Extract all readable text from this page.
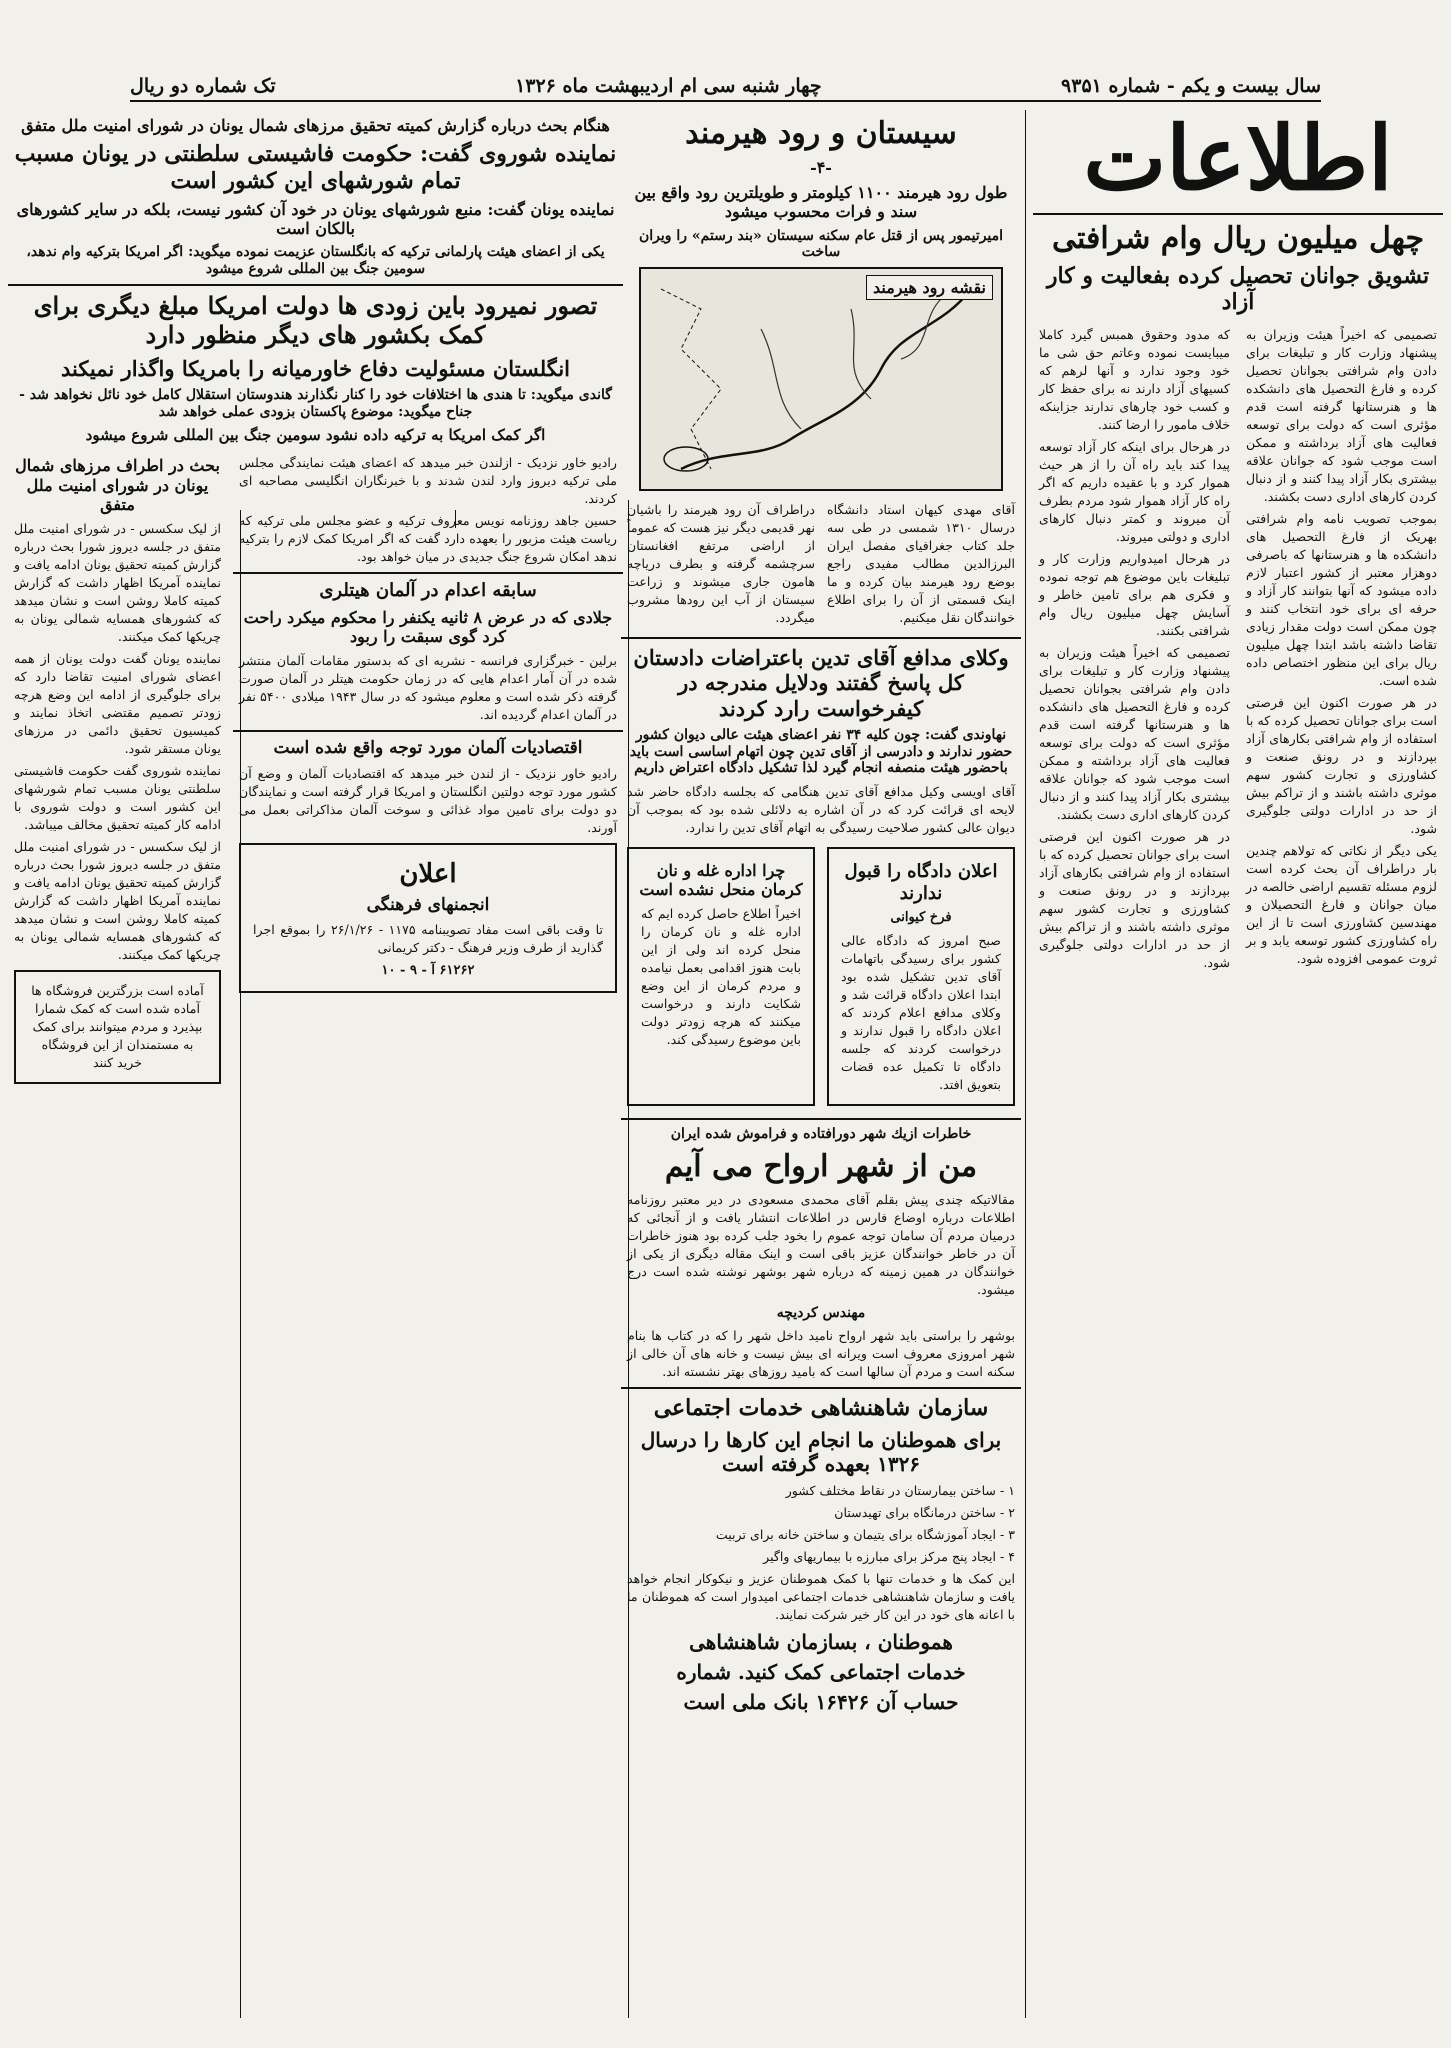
سال بیست و یکم - شماره ۹۳۵۱
چهار شنبه سی ام اردیبهشت ماه ۱۳۲۶
تک شماره دو ریال
اطلاعات
چهل میلیون ریال وام شرافتی
تشویق جوانان تحصیل کرده بفعالیت و کار آزاد

تصمیمی که اخیراً هیئت وزیران به پیشنهاد وزارت کار و تبلیغات برای دادن وام شرافتی بجوانان تحصیل کرده و فارغ التحصیل های دانشکده ها و هنرستانها گرفته است قدم مؤثری است که دولت برای توسعه فعالیت های آزاد برداشته و ممکن است موجب شود که جوانان علاقه بیشتری بکار آزاد پیدا کنند و از دنبال کردن کارهای اداری دست بکشند.

بموجب تصویب نامه وام شرافتی بهریک از فارغ التحصیل های دانشکده ها و هنرستانها که باصرفی دوهزار معتبر از کشور اعتبار لازم داده میشود که آنها بتوانند کار آزاد و حرفه ای برای خود انتخاب کنند و چون ممکن است دولت مقدار زیادی تقاضا داشته باشد ابتدا چهل میلیون ریال برای این منظور اختصاص داده شده است.

در هر صورت اکنون این فرصتی است برای جوانان تحصیل کرده که با استفاده از وام شرافتی بکارهای آزاد بپردازند و در رونق صنعت و کشاورزی و تجارت کشور سهم موثری داشته باشند و از تراکم بیش از حد در ادارات دولتی جلوگیری شود.

یکی دیگر از نکاتی که تولاهم چندین بار دراطراف آن بحث کرده است لزوم مسئله تقسیم اراضی خالصه در میان جوانان و فارغ التحصیلان و مهندسین کشاورزی است تا از این راه کشاورزی کشور توسعه یابد و بر ثروت عمومی افزوده شود.

که مدود وحقوق همبس گیرد کاملا میبایست نموده وعاتم حق شی ما خود وجود ندارد و آنها لرهم که کسیهای آزاد دارند نه برای حفظ کار و کسب خود چارهای ندارند جزاینکه خلاف مامور را ارضا کنند.

در هرحال برای اینکه کار آزاد توسعه پیدا کند باید راه آن را از هر حیث هموار کرد و با عقیده داریم که اگر راه کار آزاد هموار شود مردم بطرف آن میروند و کمتر دنبال کارهای اداری و دولتی میروند.

در هرحال امیدواریم وزارت کار و تبلیغات باین موضوع هم توجه نموده و فکری هم برای تامین خاطر و آسایش چهل میلیون ریال وام شرافتی بکنند.

تصمیمی که اخیراً هیئت وزیران به پیشنهاد وزارت کار و تبلیغات برای دادن وام شرافتی بجوانان تحصیل کرده و فارغ التحصیل های دانشکده ها و هنرستانها گرفته است قدم مؤثری است که دولت برای توسعه فعالیت های آزاد برداشته و ممکن است موجب شود که جوانان علاقه بیشتری بکار آزاد پیدا کنند و از دنبال کردن کارهای اداری دست بکشند.

در هر صورت اکنون این فرصتی است برای جوانان تحصیل کرده که با استفاده از وام شرافتی بکارهای آزاد بپردازند و در رونق صنعت و کشاورزی و تجارت کشور سهم موثری داشته باشند و از تراکم بیش از حد در ادارات دولتی جلوگیری شود.

سیستان و رود هیرمند
-۴-
طول رود هیرمند ۱۱۰۰ کیلومتر و طویلترین رود واقع بین سند و فرات محسوب میشود
امیرتیمور پس از قتل عام سکنه سیستان «بند رستم» را ویران ساخت
نقشه رود هیرمند

آقای مهدی کیهان استاد دانشگاه درسال ۱۳۱۰ شمسی در طی سه جلد کتاب جغرافیای مفصل ایران البرزالدین مطالب مفیدی راجع بوضع رود هیرمند بیان کرده و ما اینک قسمتی از آن را برای اطلاع خوانندگان نقل میکنیم.

دراطراف آن رود هیرمند را باشیان نهر قدیمی دیگر نیز هست که عموماً از اراضی مرتفع افغانستان سرچشمه گرفته و بطرف دریاچه هامون جاری میشوند و زراعت سیستان از آب این رودها مشروب میگردد.

وکلای مدافع آقای تدین باعتراضات دادستان کل پاسخ گفتند ودلایل مندرجه در کیفرخواست رارد کردند
نهاوندی گفت: چون کلیه ۳۴ نفر اعضای هیئت عالی دیوان کشور حضور ندارند و دادرسی از آقای تدین چون اتهام اساسی است باید باحضور هیئت منصفه انجام گیرد لذا تشکیل دادگاه اعتراض داریم

آقای اویسی وکیل مدافع آقای تدین هنگامی که بجلسه دادگاه حاضر شد لایحه ای قرائت کرد که در آن اشاره به دلائلی شده بود که بموجب آن دیوان عالی کشور صلاحیت رسیدگی به اتهام آقای تدین را ندارد.

اعلان دادگاه را قبول ندارند
فرخ کیوانی

صبح امروز که دادگاه عالی کشور برای رسیدگی باتهامات آقای تدین تشکیل شده بود ابتدا اعلان دادگاه قرائت شد و وکلای مدافع اعلام کردند که اعلان دادگاه را قبول ندارند و درخواست کردند که جلسه دادگاه تا تکمیل عده قضات بتعویق افتد.

چرا اداره غله و نان کرمان منحل نشده است

اخیراً اطلاع حاصل کرده ایم که اداره غله و نان کرمان را منحل کرده اند ولی از این بابت هنوز اقدامی بعمل نیامده و مردم کرمان از این وضع شکایت دارند و درخواست میکنند که هرچه زودتر دولت باین موضوع رسیدگی کند.

خاطرات ازیك شهر دورافتاده و فراموش شده ایران
من از شهر ارواح می آیم

مقالاتیکه چندی پیش بقلم آقای محمدی مسعودی در دیر معتبر روزنامه اطلاعات درباره اوضاع فارس در اطلاعات انتشار یافت و از آنجائی که درمیان مردم آن سامان توجه عموم را بخود جلب کرده بود هنوز خاطرات آن در خاطر خوانندگان عزیز باقی است و اینک مقاله دیگری از یکی از خوانندگان در همین زمینه که درباره شهر بوشهر نوشته شده است درج میشود.

مهندس کردیچه

بوشهر را براستی باید شهر ارواح نامید داخل شهر را که در کتاب ها بنام شهر امروزی معروف است ویرانه ای بیش نیست و خانه های آن خالی از سکنه است و مردم آن سالها است که بامید روزهای بهتر نشسته اند.

سازمان شاهنشاهی خدمات اجتماعی
برای هموطنان ما انجام این کارها را درسال ۱۳۲۶ بعهده گرفته است

۱ - ساختن بیمارستان در نقاط مختلف کشور

۲ - ساختن درمانگاه برای تهیدستان

۳ - ایجاد آموزشگاه برای یتیمان و ساختن خانه برای تربیت

۴ - ایجاد پنج مرکز برای مبارزه با بیماریهای واگیر

این کمک ها و خدمات تنها با کمک هموطنان عزیز و نیکوکار انجام خواهد یافت و سازمان شاهنشاهی خدمات اجتماعی امیدوار است که هموطنان ما با اعانه های خود در این کار خیر شرکت نمایند.

هموطنان ، بسازمان شاهنشاهی
خدمات اجتماعی کمک کنید. شماره
حساب آن ۱۶۴۲۶ بانک ملی است
هنگام بحث درباره گزارش کمیته تحقیق مرزهای شمال یونان در شورای امنیت ملل متفق
نماینده شوروی گفت: حکومت فاشیستی سلطنتی در یونان مسبب تمام شورشهای این کشور است
نماینده یونان گفت: منبع شورشهای یونان در خود آن کشور نیست، بلکه در سایر کشورهای بالکان است
یکی از اعضای هیئت پارلمانی ترکیه که بانگلستان عزیمت نموده میگوید: اگر امریکا بترکیه وام ندهد، سومین جنگ بین المللی شروع میشود
تصور نمیرود باین زودی ها دولت امریکا مبلغ دیگری برای کمک بکشور های دیگر منظور دارد
انگلستان مسئولیت دفاع خاورمیانه را بامریکا واگذار نمیکند
گاندی میگوید: تا هندی ها اختلافات خود را کنار نگذارند هندوستان استقلال کامل خود نائل نخواهد شد - جناح میگوید: موضوع پاکستان بزودی عملی خواهد شد
اگر کمک امریکا به ترکیه داده نشود سومین جنگ بین المللی شروع میشود

رادیو خاور نزدیک - ازلندن خبر میدهد که اعضای هیئت نمایندگی مجلس ملی ترکیه دیروز وارد لندن شدند و با خبرنگاران انگلیسی مصاحبه ای کردند.

حسین جاهد روزنامه نویس معروف ترکیه و عضو مجلس ملی ترکیه که ریاست هیئت مزبور را بعهده دارد گفت که اگر امریکا کمک لازم را بترکیه ندهد امکان شروع جنگ جدیدی در میان خواهد بود.

سابقه اعدام در آلمان هیتلری
جلادی که در عرض ۸ ثانیه یکنفر را محکوم میکرد راحت کرد گوی سبقت را ربود

برلین - خبرگزاری فرانسه - نشریه ای که بدستور مقامات آلمان منتشر شده در آن آمار اعدام هایی که در زمان حکومت هیتلر در آلمان صورت گرفته ذکر شده است و معلوم میشود که در سال ۱۹۴۳ میلادی ۵۴۰۰ نفر در آلمان اعدام گردیده اند.

اقتصادیات آلمان مورد توجه واقع شده است

رادیو خاور نزدیک - از لندن خبر میدهد که اقتصادیات آلمان و وضع آن کشور مورد توجه دولتین انگلستان و امریکا قرار گرفته است و نمایندگان دو دولت برای تامین مواد غذائی و سوخت آلمان مذاکراتی بعمل می آورند.

اعلان
انجمنهای فرهنگی

تا وقت باقی است مفاد تصویبنامه ۱۱۷۵ - ۲۶/۱/۲۶ را بموقع اجرا گذارید از طرف وزیر فرهنگ - دکتر کریمانی

۶۱۲۶۲ آ - ۹ - ۱۰
بحث در اطراف مرزهای شمال یونان در شورای امنیت ملل متفق

از لیک سکسس - در شورای امنیت ملل متفق در جلسه دیروز شورا بحث درباره گزارش کمیته تحقیق یونان ادامه یافت و نماینده آمریکا اظهار داشت که گزارش کمیته کاملا روشن است و نشان میدهد که کشورهای همسایه شمالی یونان به چریکها کمک میکنند.

نماینده یونان گفت دولت یونان از همه اعضای شورای امنیت تقاضا دارد که برای جلوگیری از ادامه این وضع هرچه زودتر تصمیم مقتضی اتخاذ نمایند و کمیسیون تحقیق دائمی در مرزهای یونان مستقر شود.

نماینده شوروی گفت حکومت فاشیستی سلطنتی یونان مسبب تمام شورشهای این کشور است و دولت شوروی با ادامه کار کمیته تحقیق مخالف میباشد.

از لیک سکسس - در شورای امنیت ملل متفق در جلسه دیروز شورا بحث درباره گزارش کمیته تحقیق یونان ادامه یافت و نماینده آمریکا اظهار داشت که گزارش کمیته کاملا روشن است و نشان میدهد که کشورهای همسایه شمالی یونان به چریکها کمک میکنند.

آماده است بزرگترین فروشگاه ها آماده شده است که کمک شمارا بپذیرد و مردم میتوانند برای کمک به مستمندان از این فروشگاه خرید کنند
